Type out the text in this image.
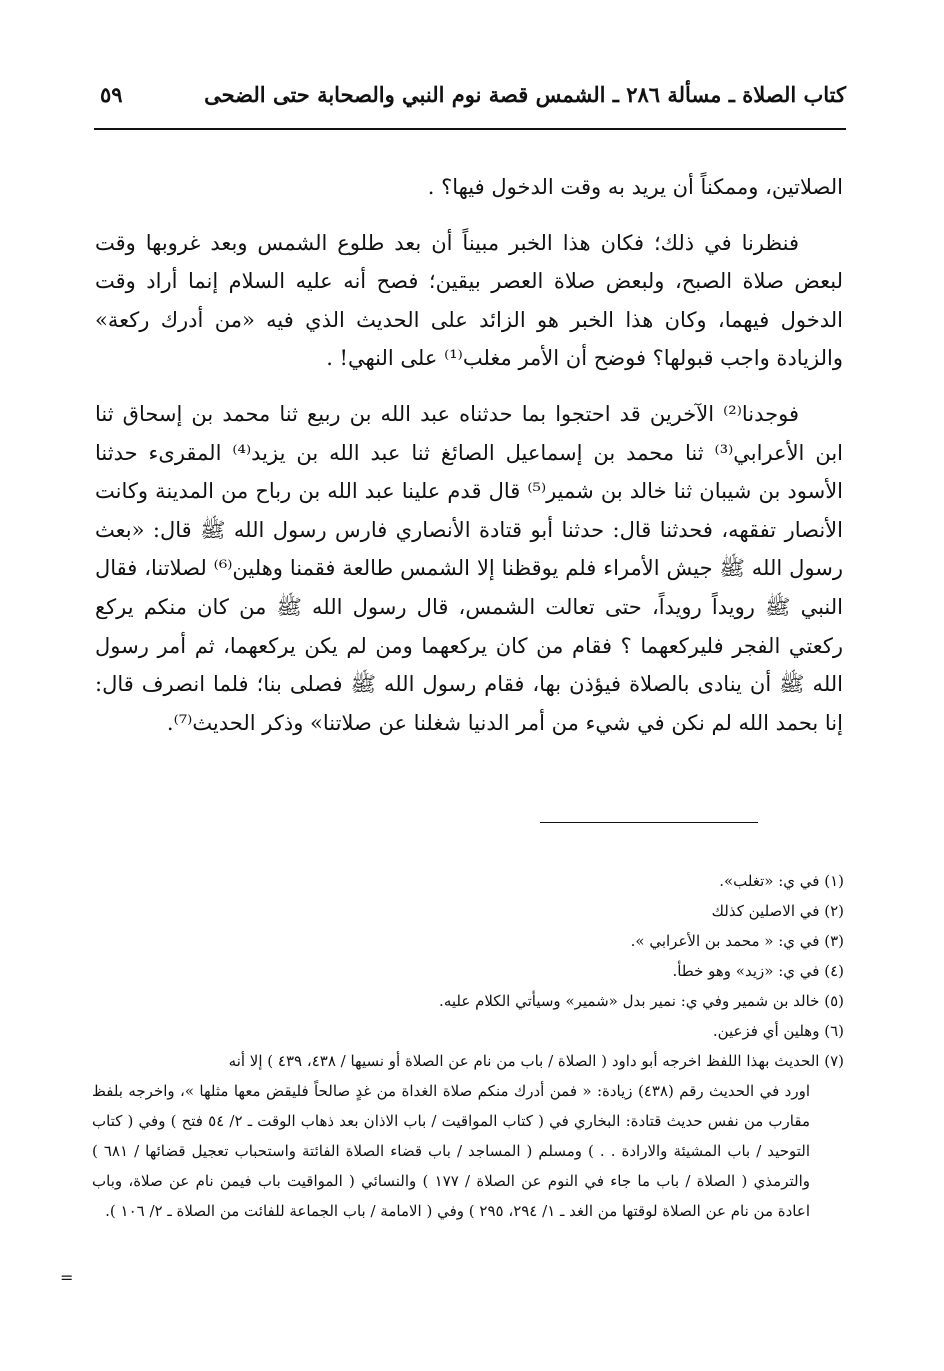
كتاب الصلاة ـ مسألة ٢٨٦ ـ الشمس قصة نوم النبي والصحابة حتى الضحى
٥٩

الصلاتين، وممكناً أن يريد به وقت الدخول فيها؟ .

فنظرنا في ذلك؛ فكان هذا الخبر مبيناً أن بعد طلوع الشمس وبعد غروبها وقت لبعض صلاة الصبح، ولبعض صلاة العصر بيقين؛ فصح أنه عليه السلام إنما أراد وقت الدخول فيهما، وكان هذا الخبر هو الزائد على الحديث الذي فيه «من أدرك ركعة» والزيادة واجب قبولها؟ فوضح أن الأمر مغلب⁽¹⁾ على النهي! .

فوجدنا⁽²⁾ الآخرين قد احتجوا بما حدثناه عبد الله بن ربيع ثنا محمد بن إسحاق ثنا ابن الأعرابي⁽³⁾ ثنا محمد بن إسماعيل الصائغ ثنا عبد الله بن يزيد⁽⁴⁾ المقرىء حدثنا الأسود بن شيبان ثنا خالد بن شمير⁽⁵⁾ قال قدم علينا عبد الله بن رباح من المدينة وكانت الأنصار تفقهه، فحدثنا قال: حدثنا أبو قتادة الأنصاري فارس رسول الله ﷺ قال: «بعث رسول الله ﷺ جيش الأمراء فلم يوقظنا إلا الشمس طالعة فقمنا وهلين⁽⁶⁾ لصلاتنا، فقال النبي ﷺ رويداً رويداً، حتى تعالت الشمس، قال رسول الله ﷺ من كان منكم يركع ركعتي الفجر فليركعهما ؟ فقام من كان يركعهما ومن لم يكن يركعهما، ثم أمر رسول الله ﷺ أن ينادى بالصلاة فيؤذن بها، فقام رسول الله ﷺ فصلى بنا؛ فلما انصرف قال: إنا بحمد الله لم نكن في شيء من أمر الدنيا شغلنا عن صلاتنا» وذكر الحديث⁽⁷⁾.

(١) في ي: «تغلب».
(٢) في الاصلين كذلك
(٣) في ي: « محمد بن الأعرابي ».
(٤) في ي: «زيد» وهو خطأ.
(٥) خالد بن شمير وفي ي: نمير بدل «شمير» وسيأتي الكلام عليه.
(٦) وهلين أي فزعين.
(٧) الحديث بهذا اللفظ اخرجه أبو داود ( الصلاة / باب من نام عن الصلاة أو نسيها / ٤٣٨، ٤٣٩ ) إلا أنه
اورد في الحديث رقم (٤٣٨) زيادة: « فمن أدرك منكم صلاة الغداة من غدٍ صالحاً فليقض معها مثلها »، واخرجه بلفظ مقارب من نفس حديث قتادة: البخاري في ( كتاب المواقيت / باب الاذان بعد ذهاب الوقت ـ ٢/ ٥٤ فتح ) وفي ( كتاب التوحيد / باب المشيئة والارادة . . ) ومسلم ( المساجد / باب قضاء الصلاة الفائتة واستحباب تعجيل قضائها / ٦٨١ ) والترمذي ( الصلاة / باب ما جاء في النوم عن الصلاة / ١٧٧ ) والنسائي ( المواقيت باب فيمن نام عن صلاة، وباب اعادة من نام عن الصلاة لوقتها من الغد ـ ١/ ٢٩٤، ٢٩٥ ) وفي ( الامامة / باب الجماعة للفائت من الصلاة ـ ٢/ ١٠٦ ).
=
